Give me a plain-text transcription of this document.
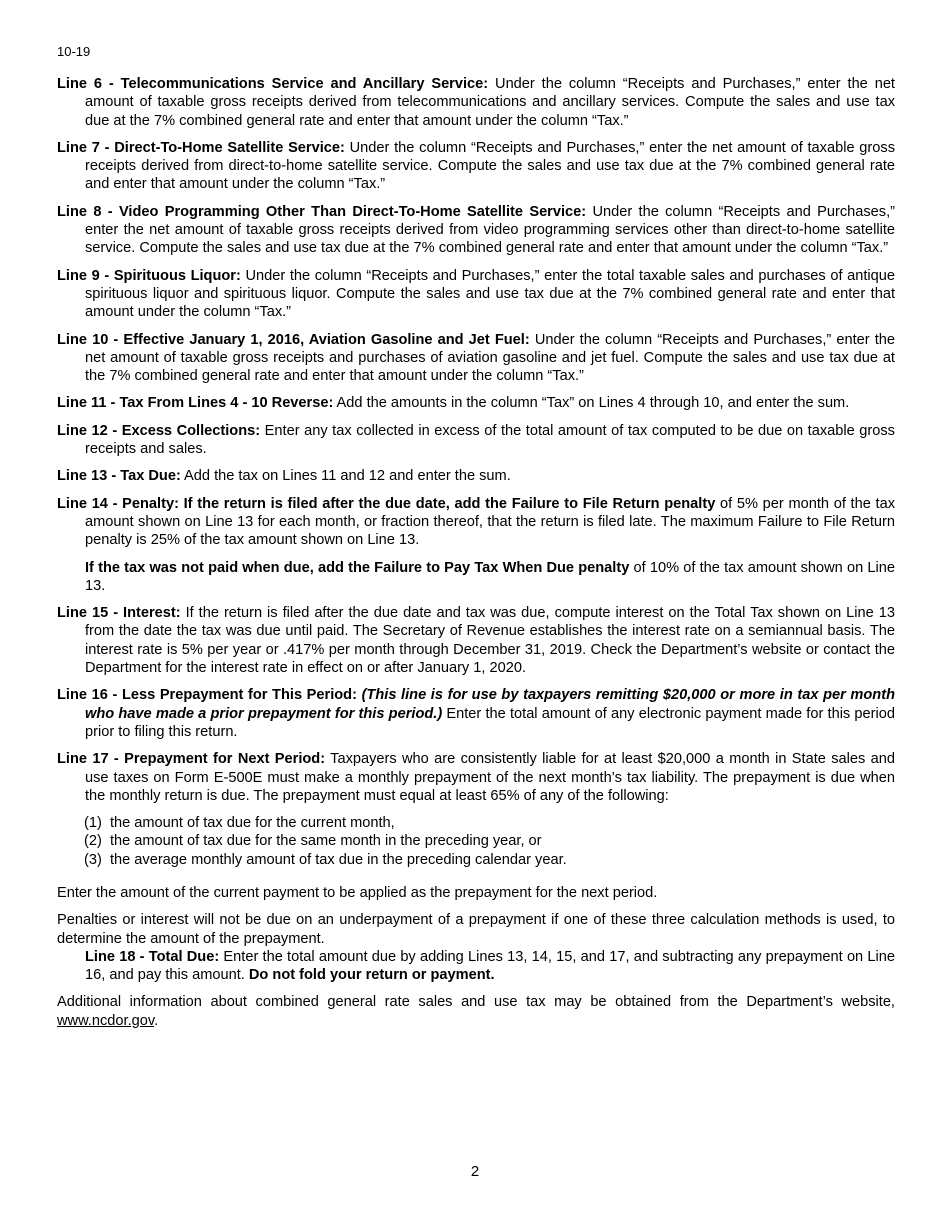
10-19

Line 6 - Telecommunications Service and Ancillary Service: Under the column “Receipts and Purchases,” enter the net amount of taxable gross receipts derived from telecommunications and ancillary services. Compute the sales and use tax due at the 7% combined general rate and enter that amount under the column “Tax.”

Line 7 - Direct-To-Home Satellite Service: Under the column “Receipts and Purchases,” enter the net amount of taxable gross receipts derived from direct-to-home satellite service. Compute the sales and use tax due at the 7% combined general rate and enter that amount under the column “Tax.”

Line 8 - Video Programming Other Than Direct-To-Home Satellite Service: Under the column “Receipts and Purchases,” enter the net amount of taxable gross receipts derived from video programming services other than direct-to-home satellite service. Compute the sales and use tax due at the 7% combined general rate and enter that amount under the column “Tax.”

Line 9 - Spirituous Liquor: Under the column “Receipts and Purchases,” enter the total taxable sales and purchases of antique spirituous liquor and spirituous liquor. Compute the sales and use tax due at the 7% combined general rate and enter that amount under the column “Tax.”

Line 10 - Effective January 1, 2016, Aviation Gasoline and Jet Fuel: Under the column “Receipts and Purchases,” enter the net amount of taxable gross receipts and purchases of aviation gasoline and jet fuel. Compute the sales and use tax due at the 7% combined general rate and enter that amount under the column “Tax.”

Line 11 - Tax From Lines 4 - 10 Reverse: Add the amounts in the column “Tax” on Lines 4 through 10, and enter the sum.

Line 12 - Excess Collections: Enter any tax collected in excess of the total amount of tax computed to be due on taxable gross receipts and sales.

Line 13 - Tax Due: Add the tax on Lines 11 and 12 and enter the sum.

Line 14 - Penalty: If the return is filed after the due date, add the Failure to File Return penalty of 5% per month of the tax amount shown on Line 13 for each month, or fraction thereof, that the return is filed late. The maximum Failure to File Return penalty is 25% of the tax amount shown on Line 13.

If the tax was not paid when due, add the Failure to Pay Tax When Due penalty of 10% of the tax amount shown on Line 13.

Line 15 - Interest: If the return is filed after the due date and tax was due, compute interest on the Total Tax shown on Line 13 from the date the tax was due until paid. The Secretary of Revenue establishes the interest rate on a semiannual basis. The interest rate is 5% per year or .417% per month through December 31, 2019. Check the Department’s website or contact the Department for the interest rate in effect on or after January 1, 2020.

Line 16 - Less Prepayment for This Period: (This line is for use by taxpayers remitting $20,000 or more in tax per month who have made a prior prepayment for this period.) Enter the total amount of any electronic payment made for this period prior to filing this return.

Line 17 - Prepayment for Next Period: Taxpayers who are consistently liable for at least $20,000 a month in State sales and use taxes on Form E-500E must make a monthly prepayment of the next month’s tax liability. The prepayment is due when the monthly return is due. The prepayment must equal at least 65% of any of the following:

(1)  the amount of tax due for the current month,

(2)  the amount of tax due for the same month in the preceding year, or

(3)  the average monthly amount of tax due in the preceding calendar year.

Enter the amount of the current payment to be applied as the prepayment for the next period.

Penalties or interest will not be due on an underpayment of a prepayment if one of these three calculation methods is used, to determine the amount of the prepayment.

Line 18 - Total Due: Enter the total amount due by adding Lines 13, 14, 15, and 17, and subtracting any prepayment on Line 16, and pay this amount. Do not fold your return or payment.

Additional information about combined general rate sales and use tax may be obtained from the Department’s website, www.ncdor.gov.

2
